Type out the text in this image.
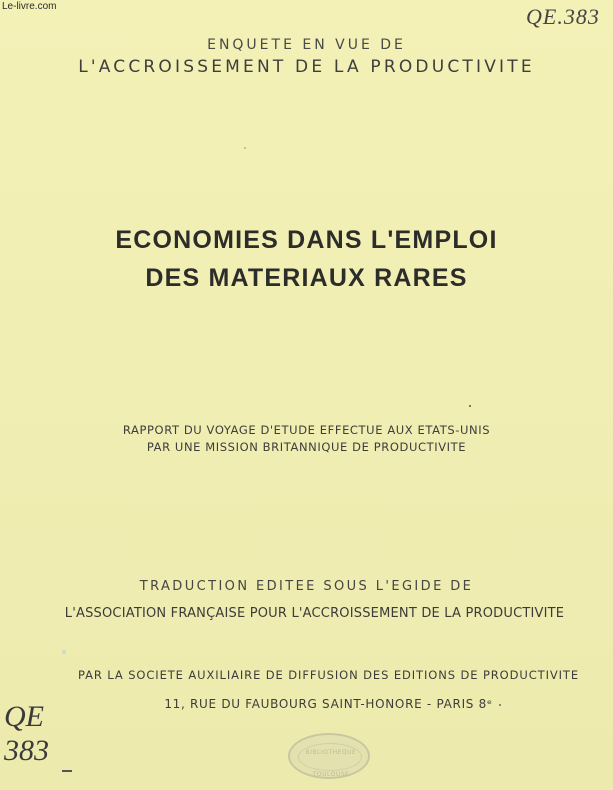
Le-livre.com	QE.383
ENQUETE EN VUE DE
L'ACCROISSEMENT DE LA PRODUCTIVITE
ECONOMIES DANS L'EMPLOI
DES MATERIAUX RARES
RAPPORT DU VOYAGE D'ETUDE EFFECTUE AUX ETATS-UNIS
PAR UNE MISSION BRITANNIQUE DE PRODUCTIVITE
TRADUCTION EDITEE SOUS L'EGIDE DE
L'ASSOCIATION FRANÇAISE POUR L'ACCROISSEMENT DE LA PRODUCTIVITE
PAR LA SOCIETE AUXILIAIRE DE DIFFUSION DES EDITIONS DE PRODUCTIVITE
11, RUE DU FAUBOURG SAINT-HONORE - PARIS 8ᵉ
QE
383	BIBLIOTHEQUE
TOULOUSE
